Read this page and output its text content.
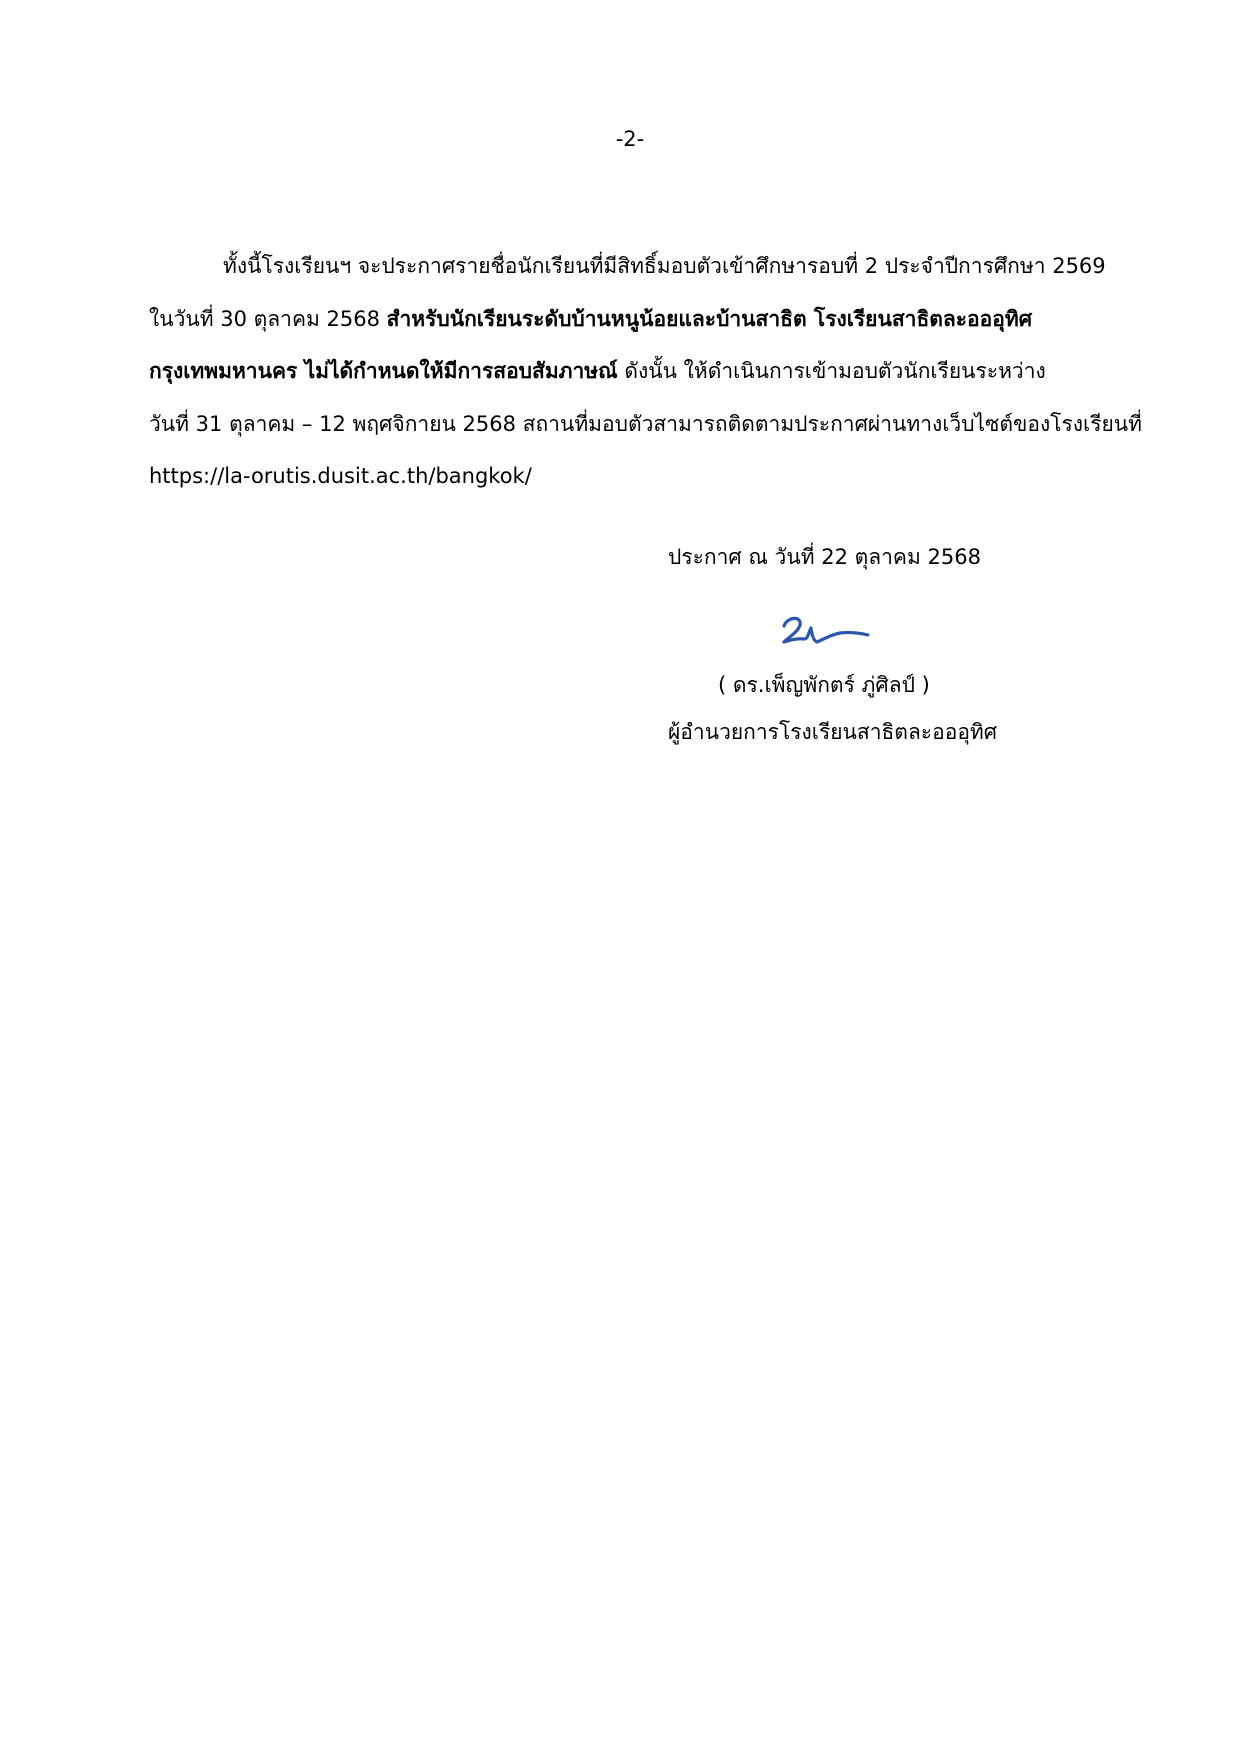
-2-
ทั้งนี้โรงเรียนฯ จะประกาศรายชื่อนักเรียนที่มีสิทธิ์มอบตัวเข้าศึกษารอบที่ 2 ประจำปีการศึกษา 2569
ในวันที่ 30 ตุลาคม 2568 สำหรับนักเรียนระดับบ้านหนูน้อยและบ้านสาธิต โรงเรียนสาธิตละอออุทิศ
กรุงเทพมหานคร ไม่ได้กำหนดให้มีการสอบสัมภาษณ์ ดังนั้น ให้ดำเนินการเข้ามอบตัวนักเรียนระหว่าง
วันที่ 31 ตุลาคม – 12 พฤศจิกายน 2568 สถานที่มอบตัวสามารถติดตามประกาศผ่านทางเว็บไซต์ของโรงเรียนที่
https://la-orutis.dusit.ac.th/bangkok/
ประกาศ ณ วันที่ 22 ตุลาคม 2568
( ดร.เพ็ญพักตร์ ภู่ศิลป์ )
ผู้อำนวยการโรงเรียนสาธิตละอออุทิศ
